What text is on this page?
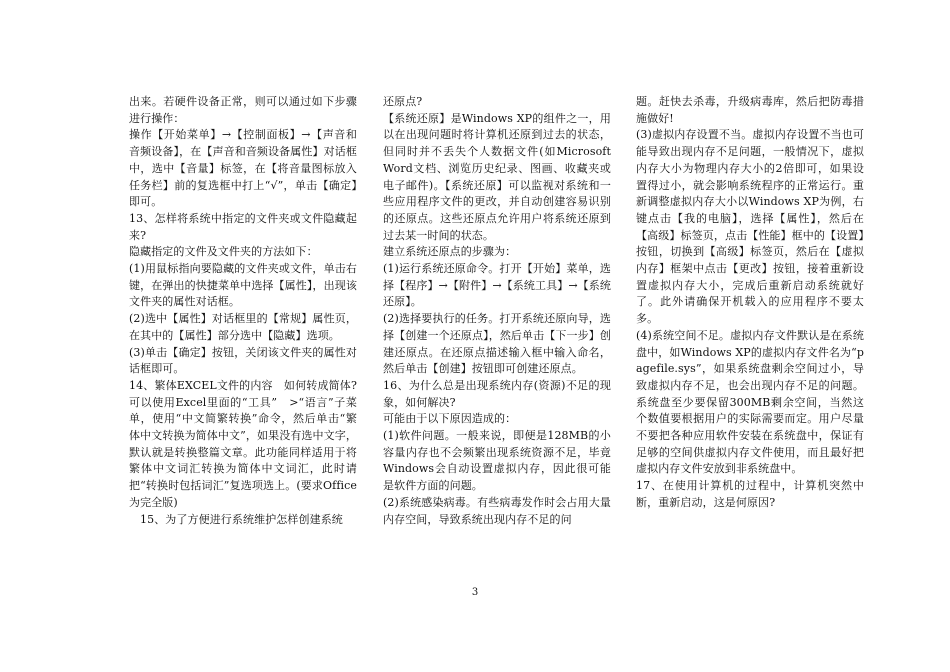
出来。若硬件设备正常，则可以通过如下步骤进行操作：

操作【开始菜单】→【控制面板】→【声音和音频设备】，在【声音和音频设备属性】对话框中，选中【音量】标签，在【将音量图标放入任务栏】前的复选框中打上“√”，单击【确定】即可。

13、怎样将系统中指定的文件夹或文件隐藏起来?

隐藏指定的文件及文件夹的方法如下：

(1)用鼠标指向要隐藏的文件夹或文件，单击右键，在弹出的快捷菜单中选择【属性】，出现该文件夹的属性对话框。

(2)选中【属性】对话框里的【常规】属性页，在其中的【属性】部分选中【隐藏】选项。

(3)单击【确定】按钮，关闭该文件夹的属性对话框即可。

14、繁体EXCEL文件的内容　如何转成简体?可以使用Excel里面的“工具”　>“语言”子菜单，使用“中文简繁转换”命令，然后单击“繁体中文转换为简体中文”，如果没有选中文字，默认就是转换整篇文章。此功能同样适用于将繁体中文词汇转换为简体中文词汇，此时请把“转换时包括词汇”复选项选上。(要求Office为完全版)

15、为了方便进行系统维护怎样创建系统

还原点?

【系统还原】是Windows XP的组件之一，用以在出现问题时将计算机还原到过去的状态，但同时并不丢失个人数据文件(如Microsoft Word文档、浏览历史纪录、图画、收藏夹或电子邮件)。【系统还原】可以监视对系统和一些应用程序文件的更改，并自动创建容易识别的还原点。这些还原点允许用户将系统还原到过去某一时间的状态。

建立系统还原点的步骤为：

(1)运行系统还原命令。打开【开始】菜单，选择【程序】→【附件】→【系统工具】→【系统还原】。

(2)选择要执行的任务。打开系统还原向导，选择【创建一个还原点】，然后单击【下一步】创建还原点。在还原点描述输入框中输入命名，然后单击【创建】按钮即可创建还原点。

16、为什么总是出现系统内存(资源)不足的现象，如何解决?

可能由于以下原因造成的：

(1)软件问题。一般来说，即便是128MB的小容量内存也不会频繁出现系统资源不足，毕竟Windows会自动设置虚拟内存，因此很可能是软件方面的问题。

(2)系统感染病毒。有些病毒发作时会占用大量内存空间，导致系统出现内存不足的问

题。赶快去杀毒，升级病毒库，然后把防毒措施做好!

(3)虚拟内存设置不当。虚拟内存设置不当也可能导致出现内存不足问题，一般情况下，虚拟内存大小为物理内存大小的2倍即可，如果设置得过小，就会影响系统程序的正常运行。重新调整虚拟内存大小以Windows XP为例，右键点击【我的电脑】，选择【属性】，然后在【高级】标签页，点击【性能】框中的【设置】按钮，切换到【高级】标签页，然后在【虚拟内存】框架中点击【更改】按钮，接着重新设置虚拟内存大小，完成后重新启动系统就好了。此外请确保开机载入的应用程序不要太多。

(4)系统空间不足。虚拟内存文件默认是在系统盘中，如Windows XP的虚拟内存文件名为“pagefile.sys”，如果系统盘剩余空间过小，导致虚拟内存不足，也会出现内存不足的问题。系统盘至少要保留300MB剩余空间，当然这个数值要根据用户的实际需要而定。用户尽量不要把各种应用软件安装在系统盘中，保证有足够的空间供虚拟内存文件使用，而且最好把虚拟内存文件安放到非系统盘中。

17、在使用计算机的过程中，计算机突然中断，重新启动，这是何原因?

3
